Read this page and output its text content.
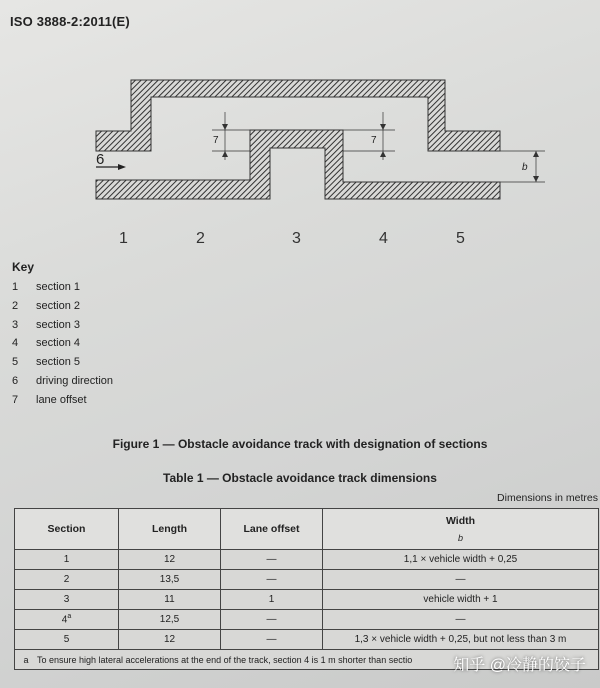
ISO 3888-2:2011(E)
6
7	7
b
1	2	3	4	5
Key
1	section 1
2	section 2
3	section 3
4	section 4
5	section 5
6	driving direction
7	lane offset
Figure 1 — Obstacle avoidance track with designation of sections
Table 1 — Obstacle avoidance track dimensions
Dimensions in metres
Section	Length	Lane offset	Width
b

1	12	—	1,1 × vehicle width + 0,25
2	13,5	—	—
3	11	1	vehicle width + 1
4$^a$	12,5	—	—
5	12	—	1,3 × vehicle width + 0,25, but not less than 3 m
a To ensure high lateral accelerations at the end of the track, section 4 is 1 m shorter than sectio				知乎 @冷静的饺子
